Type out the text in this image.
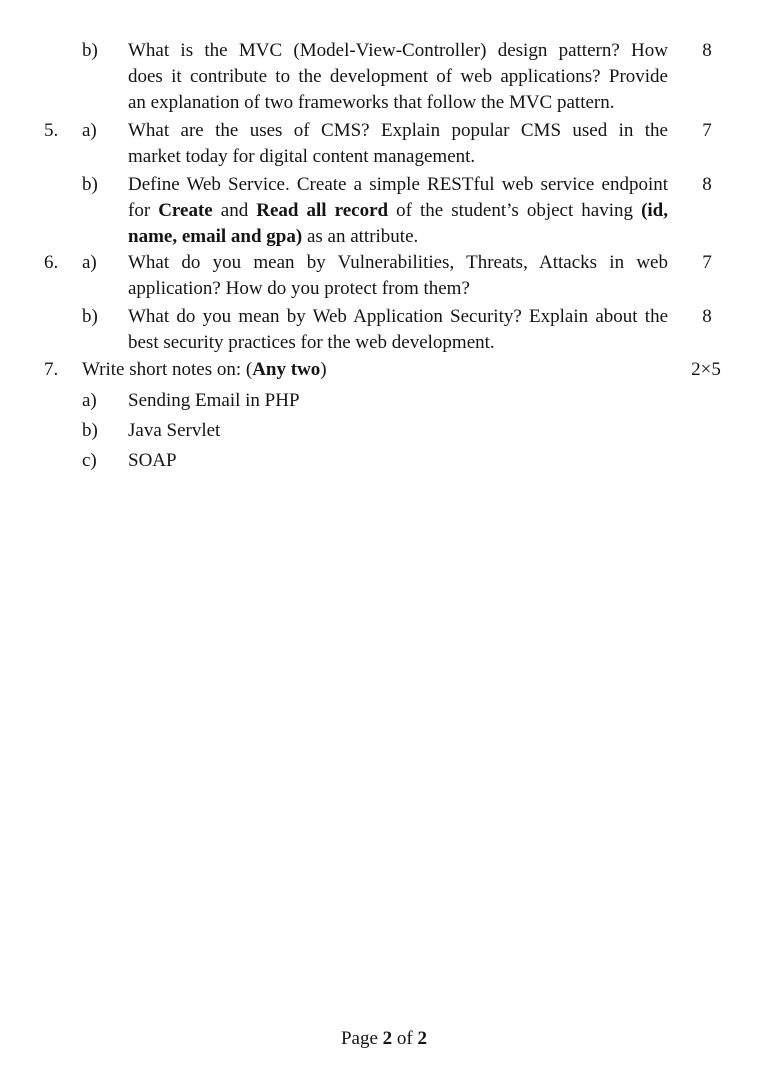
b) What is the MVC (Model-View-Controller) design pattern? How
does it contribute to the development of web applications? Provide
an explanation of two frameworks that follow the MVC pattern.
8
5. a) What are the uses of CMS? Explain popular CMS used in the
market today for digital content management.
7
b) Define Web Service. Create a simple RESTful web service endpoint
for Create and Read all record of the student’s object having (id,
name, email and gpa) as an attribute.
8
6. a) What do you mean by Vulnerabilities, Threats, Attacks in web
application? How do you protect from them?
7
b) What do you mean by Web Application Security? Explain about the
best security practices for the web development.
8
7. Write short notes on: (Any two)	2×5
a) Sending Email in PHP
b) Java Servlet
c) SOAP
Page 2 of 2
